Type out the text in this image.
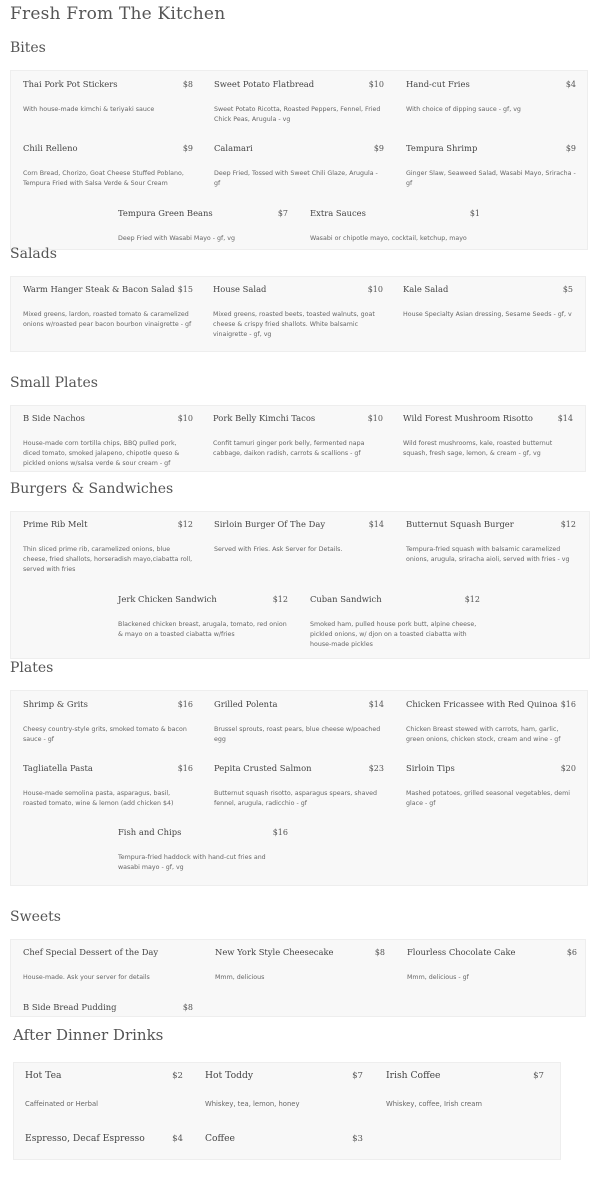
Fresh From The Kitchen
Bites
Thai Pork Pot Stickers	$8
With house-made kimchi & teriyaki sauce
Sweet Potato Flatbread	$10
Sweet Potato Ricotta, Roasted Peppers, Fennel, Fried Chick Peas, Arugula - vg
Hand-cut Fries	$4
With choice of dipping sauce - gf, vg
Chili Relleno	$9
Corn Bread, Chorizo, Goat Cheese Stuffed Poblano, Tempura Fried with Salsa Verde & Sour Cream
Calamari	$9
Deep Fried, Tossed with Sweet Chili Glaze, Arugula - gf
Tempura Shrimp	$9
Ginger Slaw, Seaweed Salad, Wasabi Mayo, Sriracha - gf
Tempura Green Beans	$7
Deep Fried with Wasabi Mayo - gf, vg
Extra Sauces	$1
Wasabi or chipotle mayo, cocktail, ketchup, mayo
Salads
Warm Hanger Steak & Bacon Salad $15
Mixed greens, lardon, roasted tomato & caramelized onions w/roasted pear bacon bourbon vinaigrette - gf
House Salad	$10
Mixed greens, roasted beets, toasted walnuts, goat cheese & crispy fried shallots. White balsamic vinaigrette - gf, vg
Kale Salad	$5
House Specialty Asian dressing, Sesame Seeds - gf, v
Small Plates
B Side Nachos	$10
House-made corn tortilla chips, BBQ pulled pork, diced tomato, smoked jalapeno, chipotle queso & pickled onions w/salsa verde & sour cream - gf
Pork Belly Kimchi Tacos	$10
Confit tamuri ginger pork belly, fermented napa cabbage, daikon radish, carrots & scallions - gf
Wild Forest Mushroom Risotto	$14
Wild forest mushrooms, kale, roasted butternut squash, fresh sage, lemon, & cream - gf, vg
Burgers & Sandwiches
Prime Rib Melt	$12
Thin sliced prime rib, caramelized onions, blue cheese, fried shallots, horseradish mayo,ciabatta roll, served with fries
Sirloin Burger Of The Day	$14
Served with Fries. Ask Server for Details.
Butternut Squash Burger	$12
Tempura-fried squash with balsamic caramelized onions, arugula, sriracha aioli, served with fries - vg
Jerk Chicken Sandwich	$12
Blackened chicken breast, arugala, tomato, red onion & mayo on a toasted ciabatta w/fries
Cuban Sandwich	$12
Smoked ham, pulled house pork butt, alpine cheese, pickled onions, w/ djon on a toasted ciabatta with house-made pickles
Plates
Shrimp & Grits	$16
Cheesy country-style grits, smoked tomato & bacon sauce - gf
Grilled Polenta	$14
Brussel sprouts, roast pears, blue cheese w/poached egg
Chicken Fricassee with Red Quinoa $16
Chicken Breast stewed with carrots, ham, garlic, green onions, chicken stock, cream and wine - gf
Tagliatella Pasta	$16
House-made semolina pasta, asparagus, basil, roasted tomato, wine & lemon (add chicken $4)
Pepita Crusted Salmon	$23
Butternut squash risotto, asparagus spears, shaved fennel, arugula, radicchio - gf
Sirloin Tips	$20
Mashed potatoes, grilled seasonal vegetables, demi glace - gf
Fish and Chips	$16
Tempura-fried haddock with hand-cut fries and wasabi mayo - gf, vg
Sweets
Chef Special Dessert of the Day
House-made. Ask your server for details
New York Style Cheesecake	$8
Mmm, delicious
Flourless Chocolate Cake	$6
Mmm, delicious - gf
B Side Bread Pudding	$8
After Dinner Drinks
Hot Tea	$2
Caffeinated or Herbal
Hot Toddy	$7
Whiskey, tea, lemon, honey
Irish Coffee	$7
Whiskey, coffee, Irish cream
Espresso, Decaf Espresso	$4 Coffee	$3
